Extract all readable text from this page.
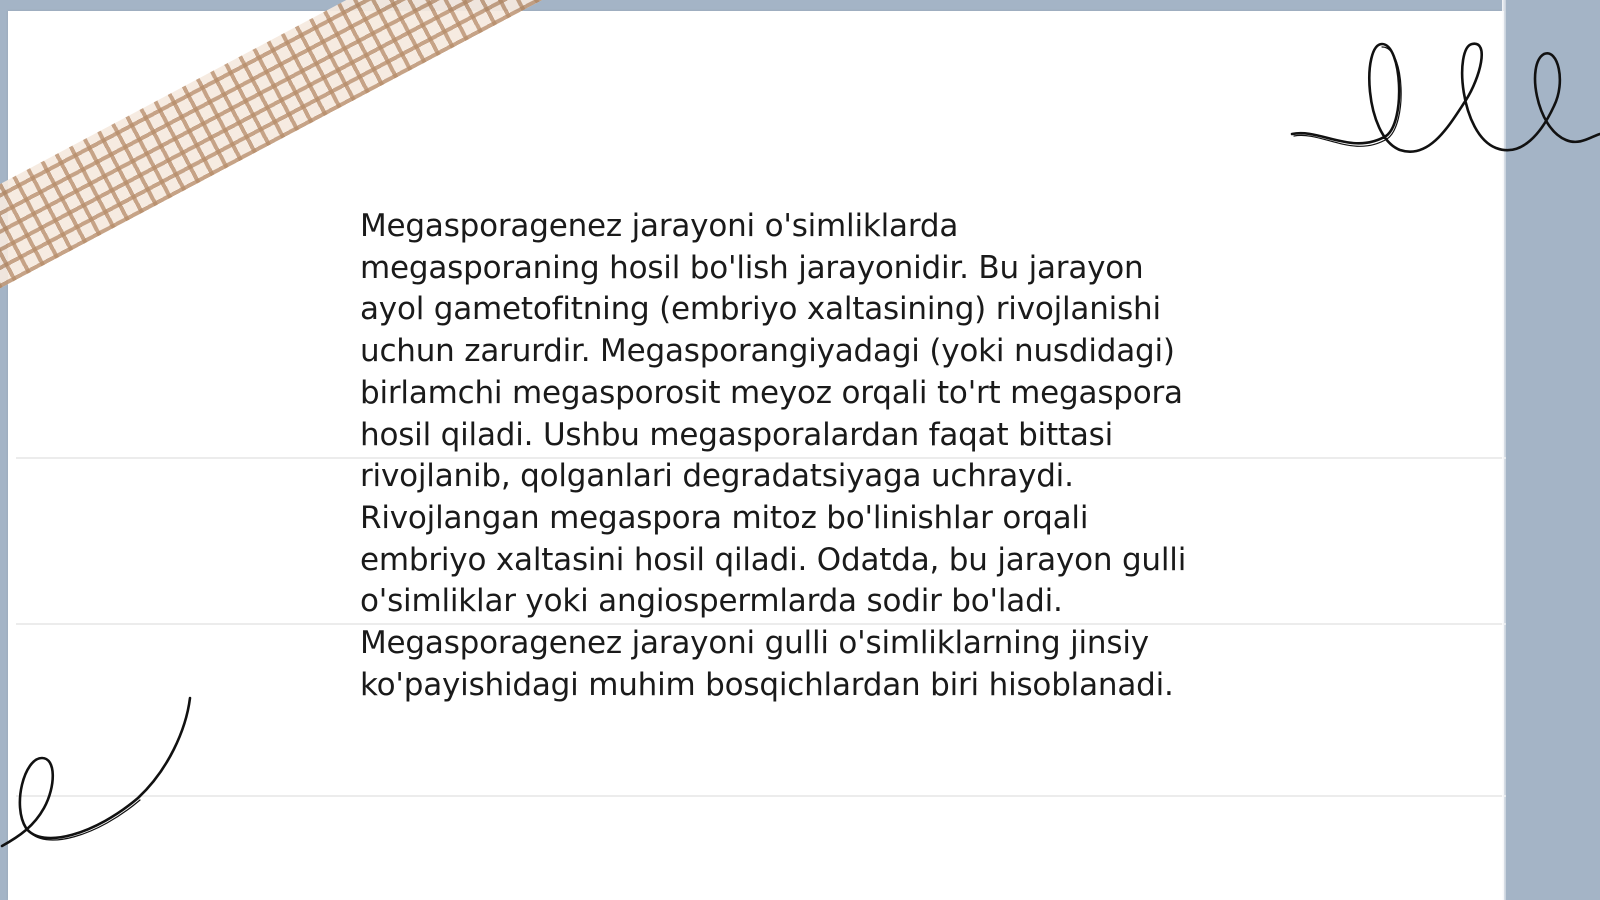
Megasporagenez jarayoni o'simliklarda
megasporaning hosil bo'lish jarayonidir. Bu jarayon
ayol gametofitning (embriyo xaltasining) rivojlanishi
uchun zarurdir. Megasporangiyadagi (yoki nusdidagi)
birlamchi megasporosit meyoz orqali to'rt megaspora
hosil qiladi. Ushbu megasporalardan faqat bittasi
rivojlanib, qolganlari degradatsiyaga uchraydi.
Rivojlangan megaspora mitoz bo'linishlar orqali
embriyo xaltasini hosil qiladi. Odatda, bu jarayon gulli
o'simliklar yoki angiospermlarda sodir bo'ladi.
Megasporagenez jarayoni gulli o'simliklarning jinsiy
ko'payishidagi muhim bosqichlardan biri hisoblanadi.
